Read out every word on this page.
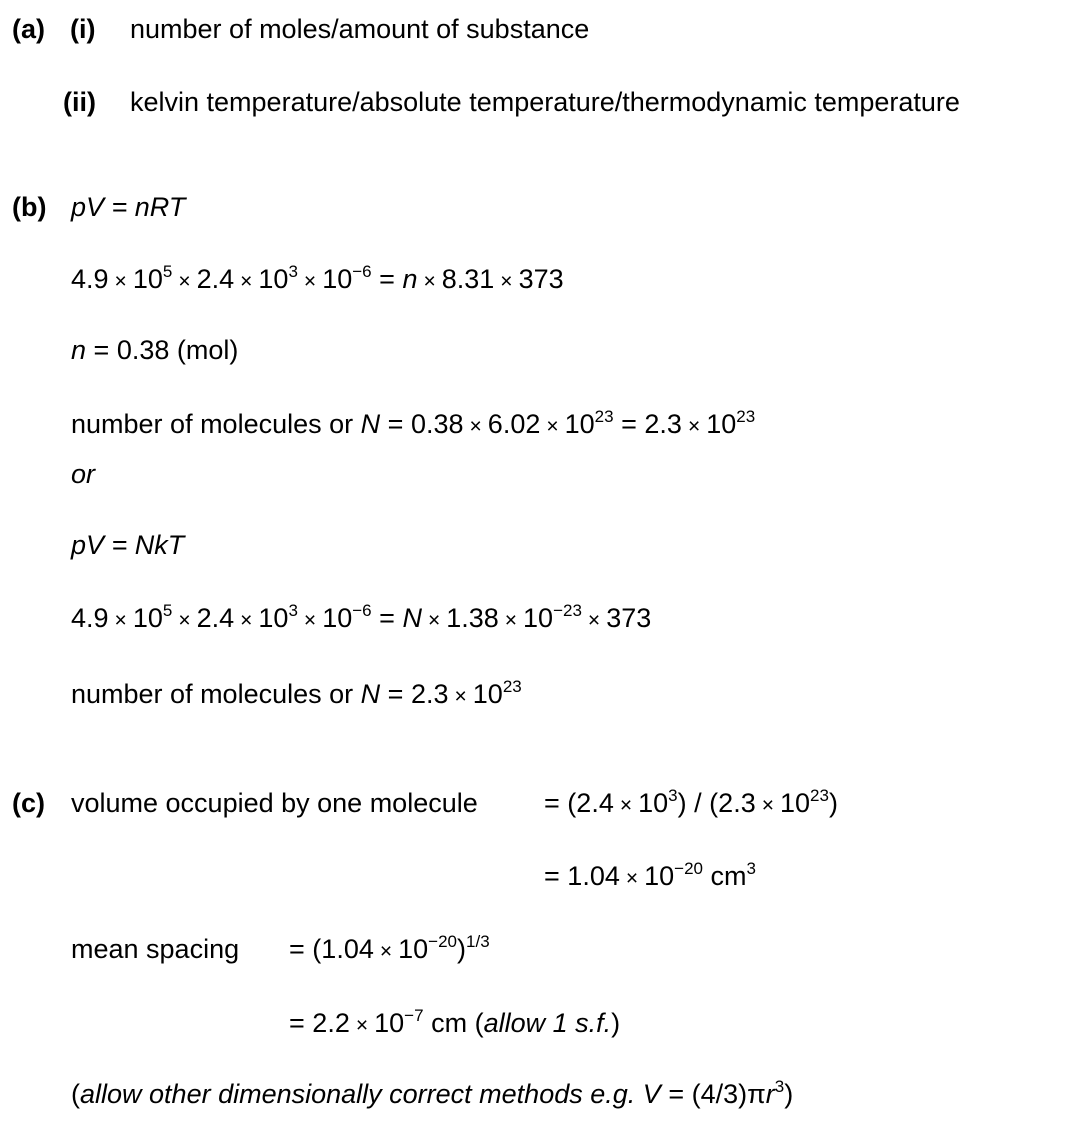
(a) (i) number of moles/amount of substance
(ii) kelvin temperature/absolute temperature/thermodynamic temperature
(b) pV = nRT
$4.9 \times 10^5 \times 2.4 \times 10^3 \times 10^{-6} = n \times 8.31 \times 373$
n = 0.38 (mol)
number of molecules or $N = 0.38 \times 6.02 \times 10^{23} = 2.3 \times 10^{23}$
or
pV = NkT
$4.9 \times 10^5 \times 2.4 \times 10^3 \times 10^{-6} = N \times 1.38 \times 10^{-23} \times 373$
number of molecules or $N = 2.3 \times 10^{23}$
(c) volume occupied by one molecule = $(2.4 \times 10^3) / (2.3 \times 10^{23})$
= $1.04 \times 10^{-20}$ $cm^3$
mean spacing = $(1.04 \times 10^{-20})^{1/3}$
= $2.2 \times 10^{-7}$ cm (allow 1 s.f.)
(allow other dimensionally correct methods e.g. $V = (4/3)\pi r^3$)
